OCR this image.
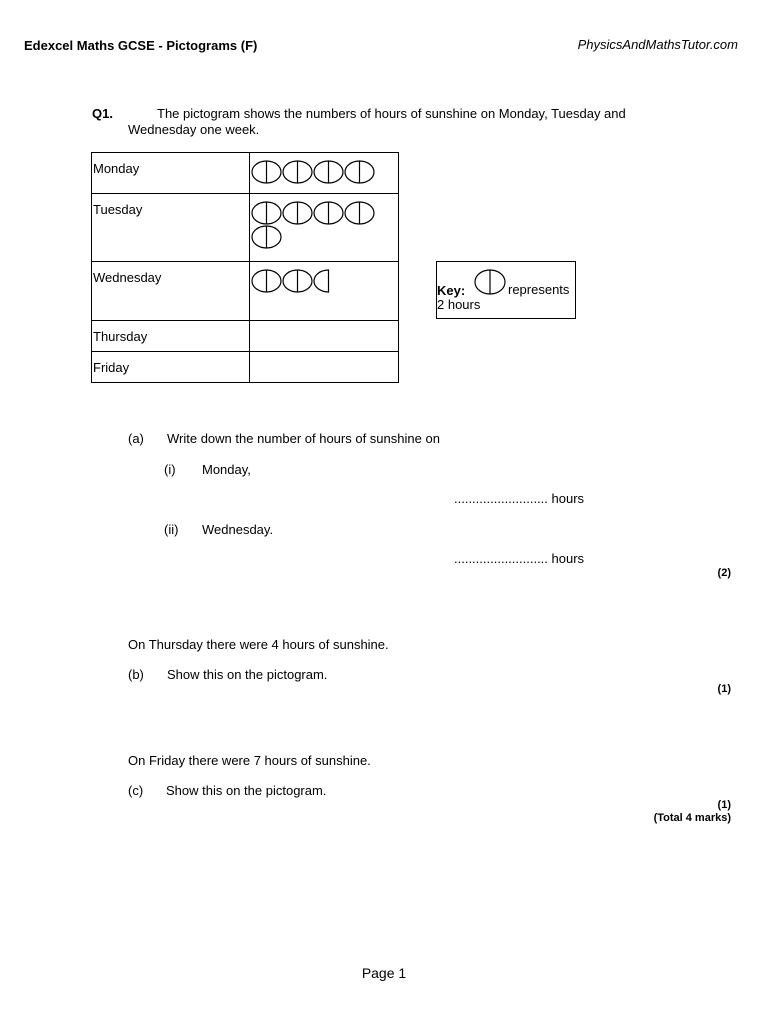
Edexcel Maths GCSE - Pictograms (F)	PhysicsAndMathsTutor.com
Q1.	The pictogram shows the numbers of hours of sunshine on Monday, Tuesday and
Wednesday one week.
Monday	

Tuesday	

Wednesday	

Thursday	

Friday	
Key:	represents
2 hours
(a) Write down the number of hours of sunshine on
(i) Monday,
.......................... hours
(ii) Wednesday.
.......................... hours
(2)
On Thursday there were 4 hours of sunshine.
(b) Show this on the pictogram.
(1)
On Friday there were 7 hours of sunshine.
(c) Show this on the pictogram.
(1)
(Total 4 marks)
Page 1
